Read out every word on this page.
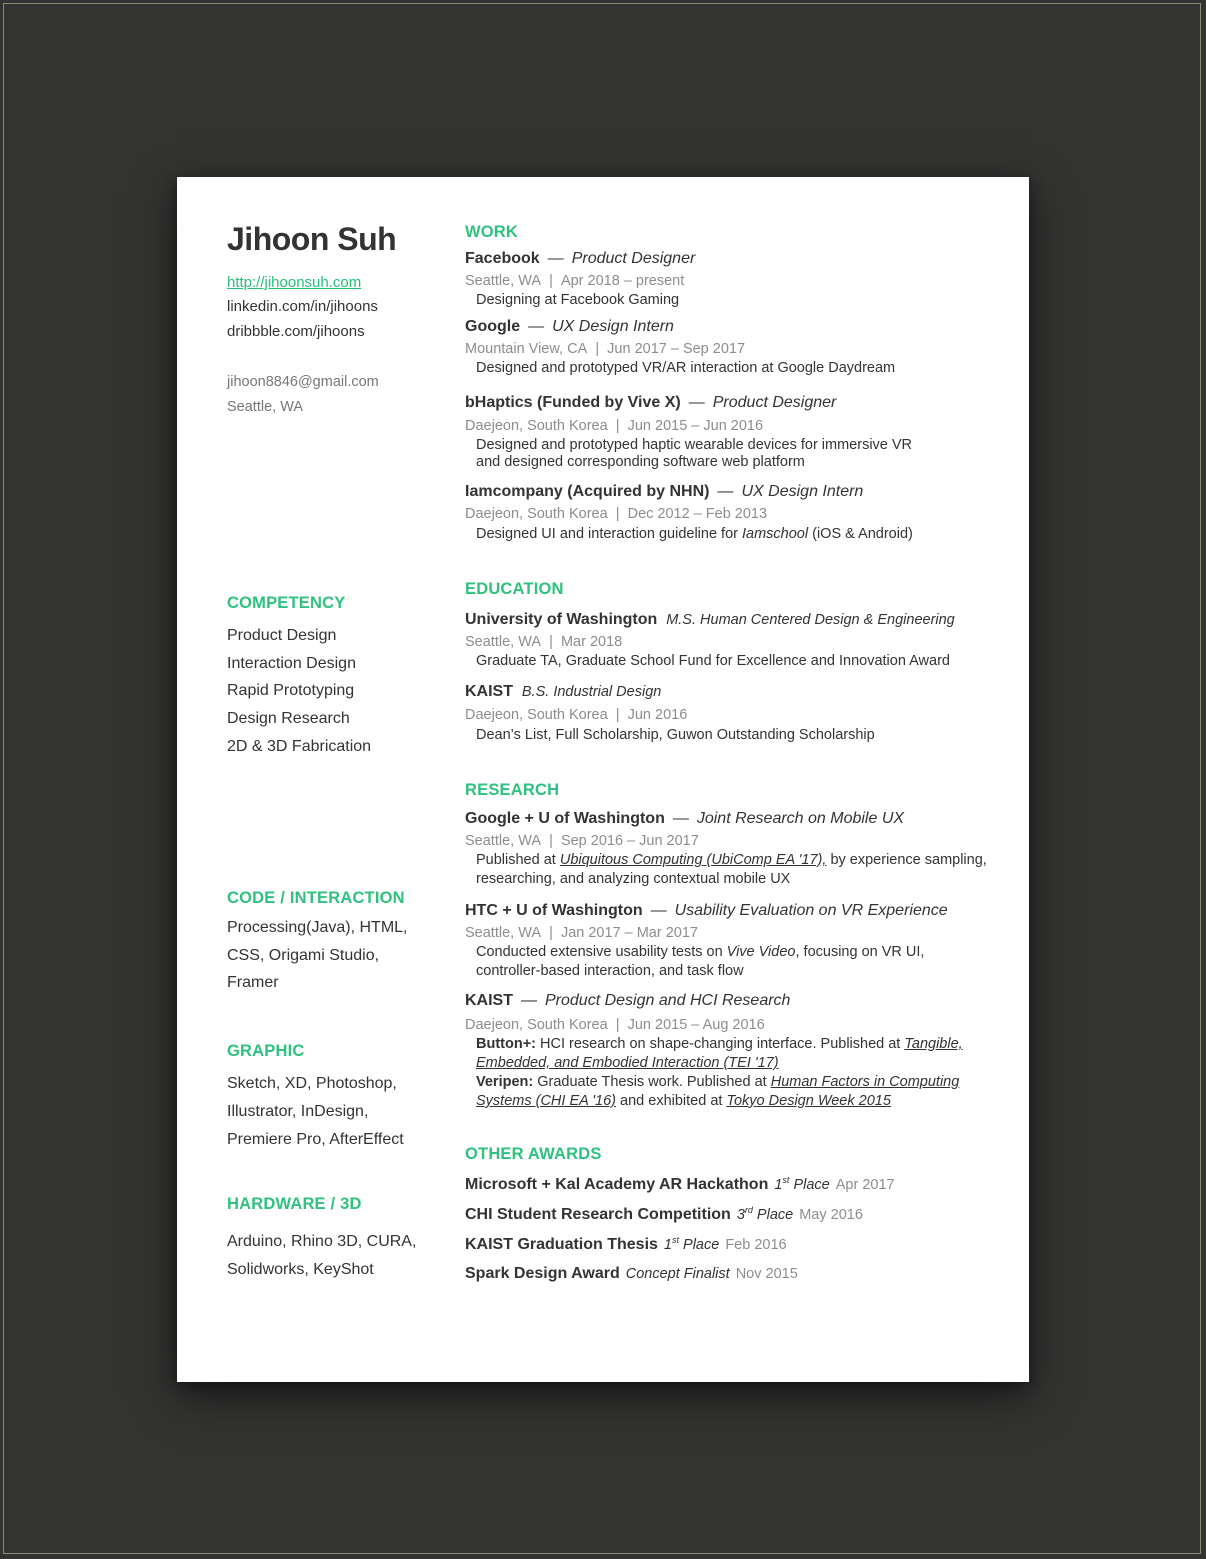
Jihoon Suh
http://jihoonsuh.com
linkedin.com/in/jihoons
dribbble.com/jihoons
jihoon8846@gmail.com
Seattle, WA
COMPETENCY
Product Design
Interaction Design
Rapid Prototyping
Design Research
2D & 3D Fabrication
CODE / INTERACTION
Processing(Java), HTML,
CSS, Origami Studio,
Framer
GRAPHIC
Sketch, XD, Photoshop,
Illustrator, InDesign,
Premiere Pro, AfterEffect
HARDWARE / 3D
Arduino, Rhino 3D, CURA,
Solidworks, KeyShot
WORK
Facebook — Product Designer
Seattle, WA | Apr 2018 – present
Designing at Facebook Gaming
Google — UX Design Intern
Mountain View, CA | Jun 2017 – Sep 2017
Designed and prototyped VR/AR interaction at Google Daydream
bHaptics (Funded by Vive X) — Product Designer
Daejeon, South Korea | Jun 2015 – Jun 2016
Designed and prototyped haptic wearable devices for immersive VR
and designed corresponding software web platform
Iamcompany (Acquired by NHN) — UX Design Intern
Daejeon, South Korea | Dec 2012 – Feb 2013
Designed UI and interaction guideline for Iamschool (iOS & Android)
EDUCATION
University of Washington M.S. Human Centered Design & Engineering
Seattle, WA | Mar 2018
Graduate TA, Graduate School Fund for Excellence and Innovation Award
KAIST B.S. Industrial Design
Daejeon, South Korea | Jun 2016
Dean’s List, Full Scholarship, Guwon Outstanding Scholarship
RESEARCH
Google + U of Washington — Joint Research on Mobile UX
Seattle, WA | Sep 2016 – Jun 2017
Published at Ubiquitous Computing (UbiComp EA '17), by experience sampling,
researching, and analyzing contextual mobile UX
HTC + U of Washington — Usability Evaluation on VR Experience
Seattle, WA | Jan 2017 – Mar 2017
Conducted extensive usability tests on Vive Video, focusing on VR UI,
controller-based interaction, and task flow
KAIST — Product Design and HCI Research
Daejeon, South Korea | Jun 2015 – Aug 2016
Button+: HCI research on shape-changing interface. Published at Tangible,
Embedded, and Embodied Interaction (TEI '17)
Veripen: Graduate Thesis work. Published at Human Factors in Computing
Systems (CHI EA '16) and exhibited at Tokyo Design Week 2015
OTHER AWARDS
Microsoft + Kal Academy AR Hackathon 1st Place Apr 2017
CHI Student Research Competition 3rd Place May 2016
KAIST Graduation Thesis 1st Place Feb 2016
Spark Design Award Concept Finalist Nov 2015
